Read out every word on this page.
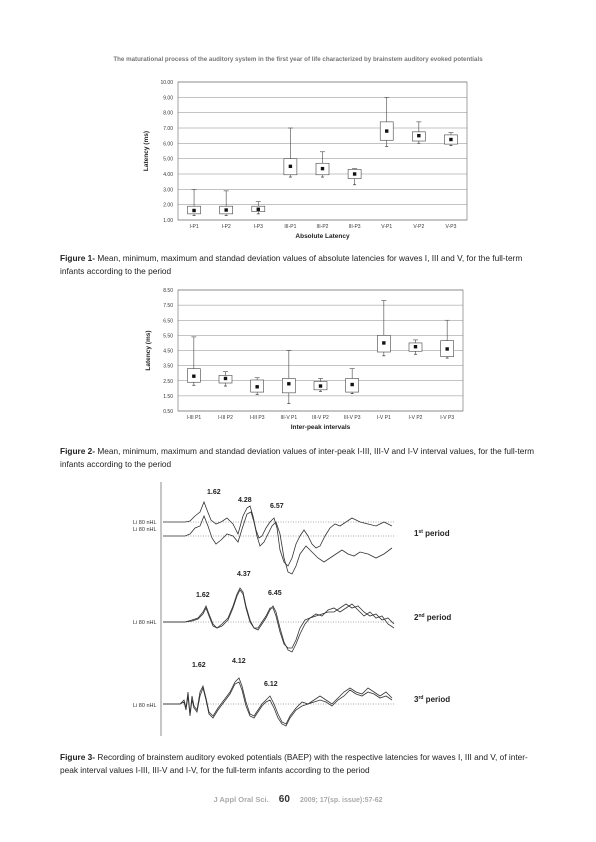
The maturational process of the auditory system in the first year of life characterized by brainstem auditory evoked potentials
1.00
2.00
3.00
4.00
5.00
6.00
7.00
8.00
9.00
10.00
I-P1	I-P2	I-P3	III-P1	III-P2	III-P3	V-P1	V-P2	V-P3
Absolute Latency
Latency (ms)
Figure 1- Mean, minimum, maximum and standad deviation values of absolute latencies for waves I, III and V, for the full-term infants according to the period
0.50
1.50
2.50
3.50
4.50
5.50
6.50
7.50
8.50
I-III P1	I-III P2	I-III P3	III-V P1	III-V P2	III-V P3	I-V P1	I-V P2	I-V P3
Inter-peak intervals
Latency (ms)
Figure 2- Mean, minimum, maximum and standad deviation values of inter-peak I-III, III-V and I-V interval values, for the full-term infants according to the period
Li 80 nHL
Li 80 nHL
1.62
4.28
6.57
1st period
Li 80 nHL
1.62
4.37
6.45
2nd period
Li 80 nHL
1.62
4.12
6.12
3rd period
Figure 3- Recording of brainstem auditory evoked potentials (BAEP) with the respective latencies for waves I, III and V, of inter-peak interval values I-III, III-V and I-V, for the full-term infants according to the period
J Appl Oral Sci. 60 2009; 17(sp. issue):57-62
